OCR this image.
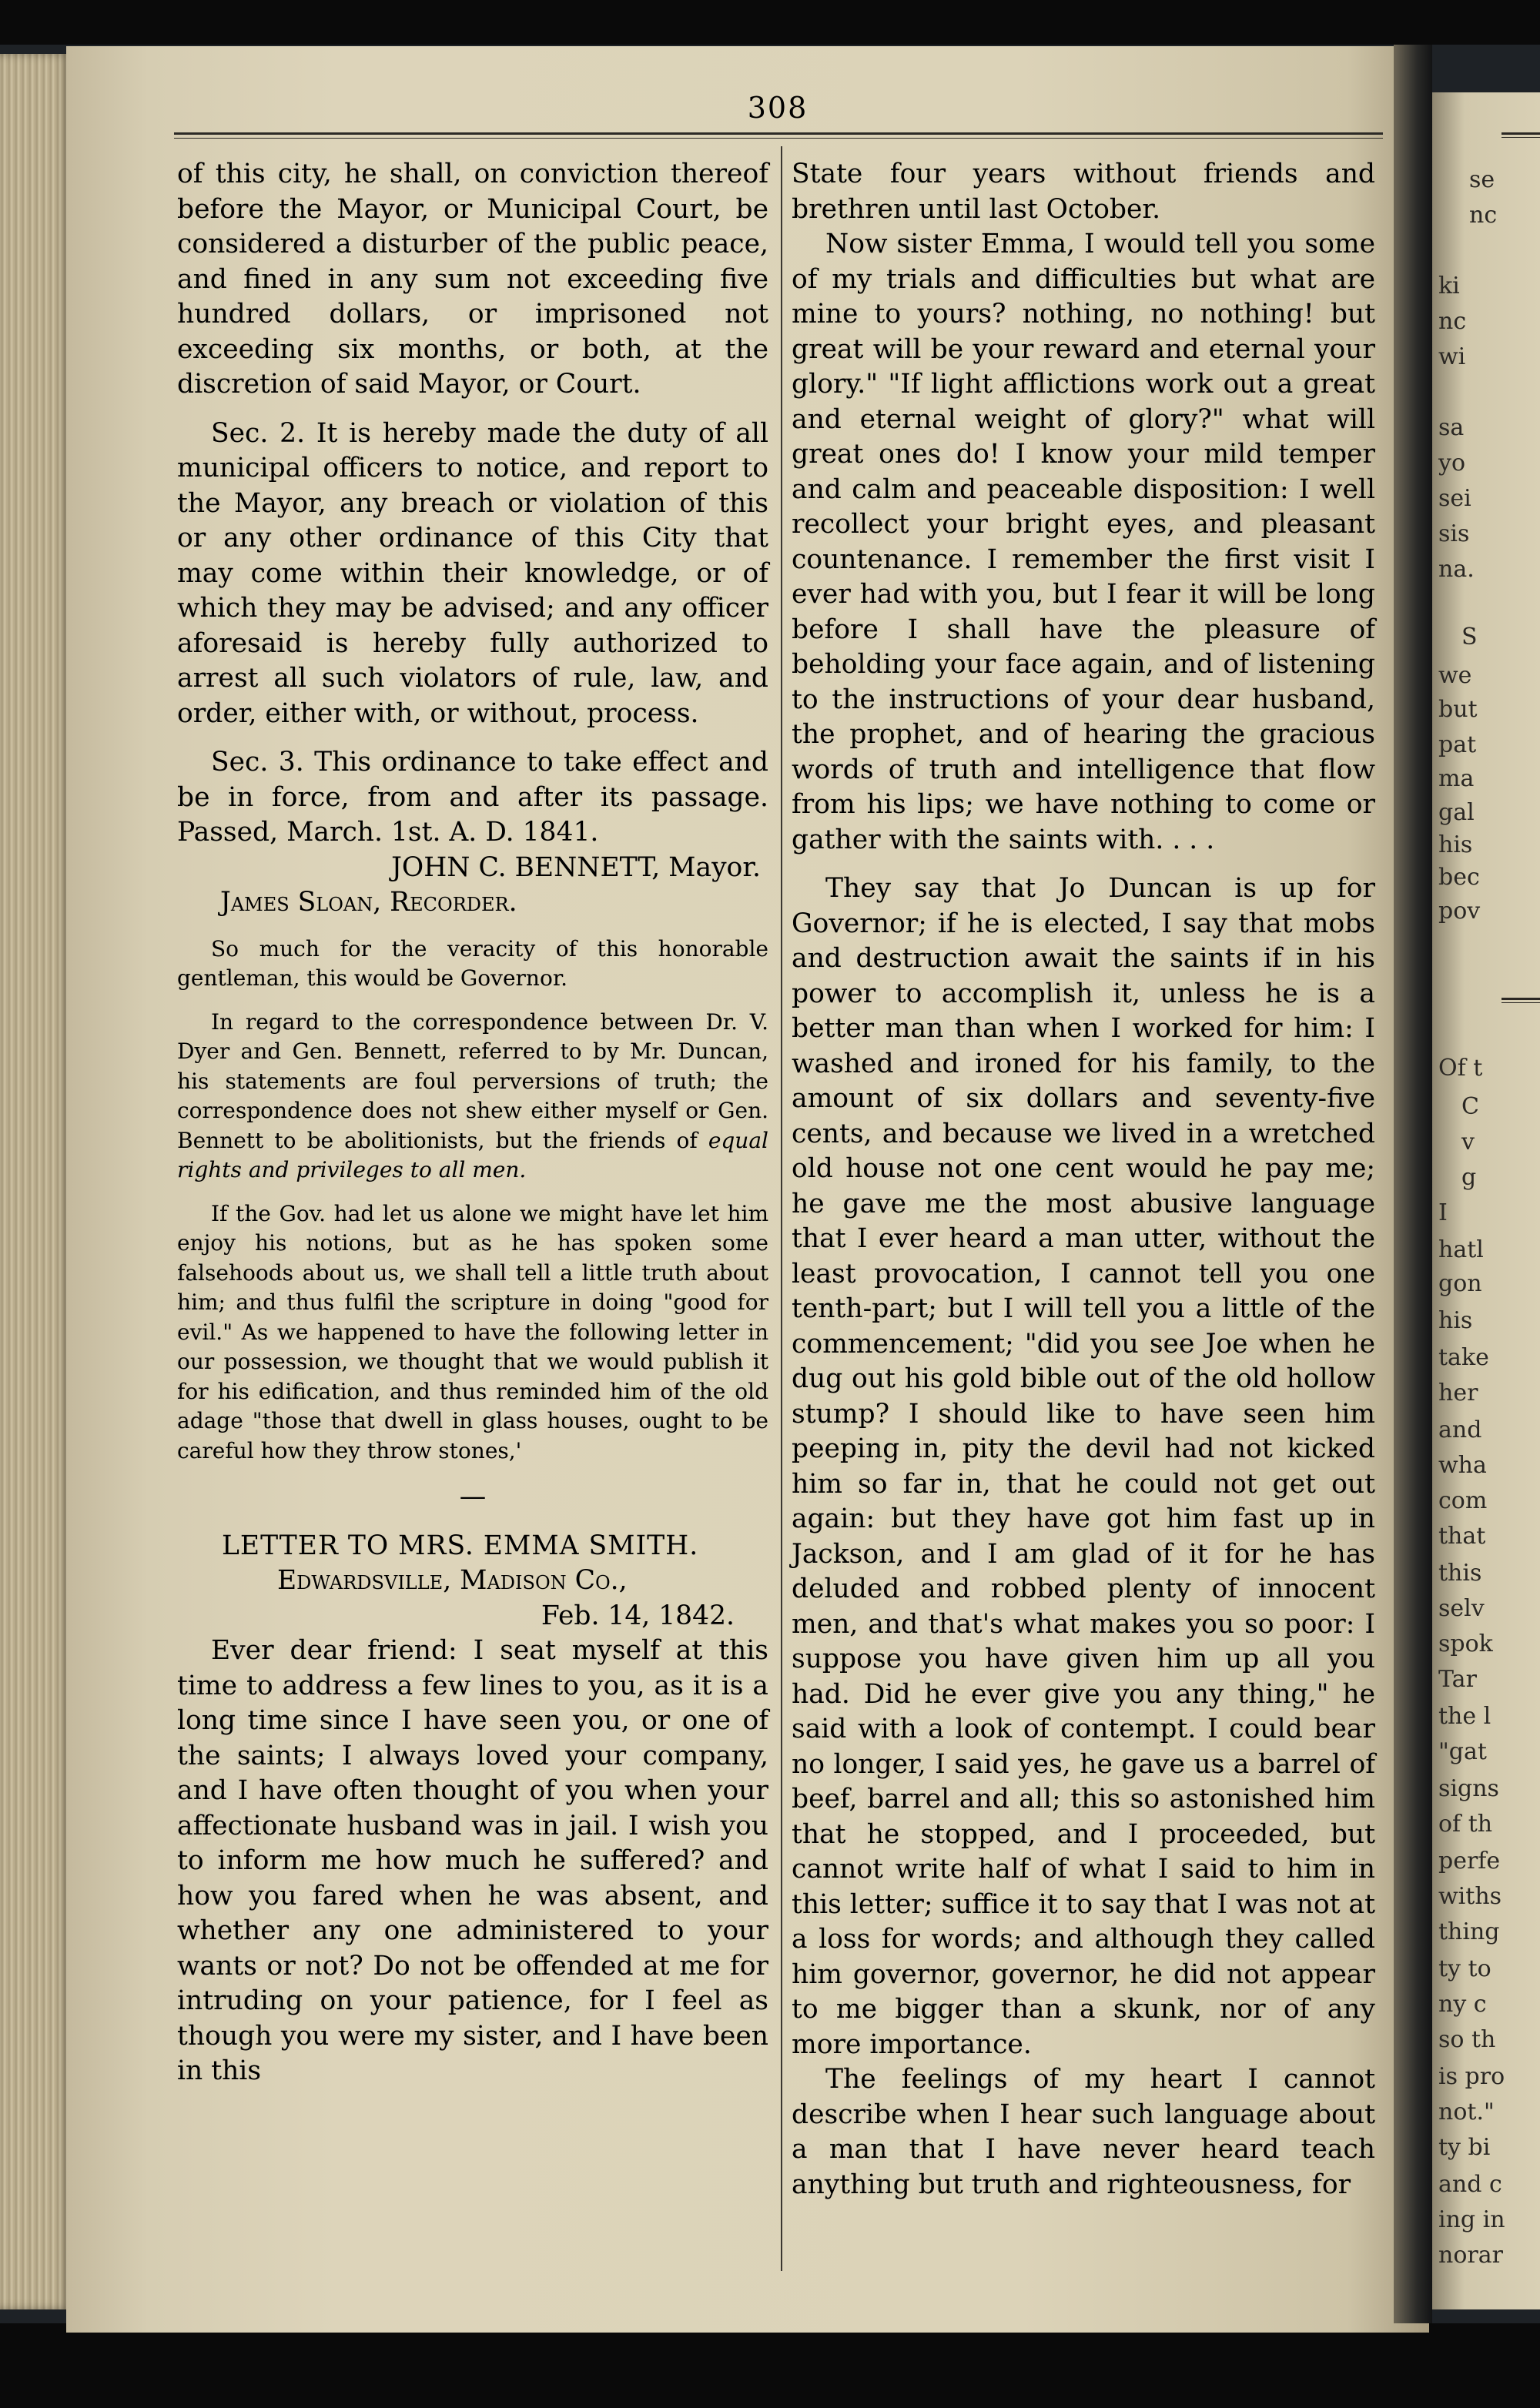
308

of this city, he shall, on conviction thereof before the Mayor, or Municipal Court, be considered a disturber of the public peace, and fined in any sum not exceeding five hundred dollars, or imprisoned not exceeding six months, or both, at the discretion of said Mayor, or Court.

Sec. 2. It is hereby made the duty of all municipal officers to notice, and report to the Mayor, any breach or violation of this or any other ordinance of this City that may come within their knowledge, or of which they may be advised; and any officer aforesaid is hereby fully authorized to arrest all such violators of rule, law, and order, either with, or without, process.

Sec. 3. This ordinance to take effect and be in force, from and after its passage. Passed, March. 1st. A. D. 1841.

JOHN C. BENNETT, Mayor.

James Sloan, Recorder.

So much for the veracity of this honorable gentleman, this would be Governor.

In regard to the correspondence between Dr. V. Dyer and Gen. Bennett, referred to by Mr. Duncan, his statements are foul perversions of truth; the correspondence does not shew either myself or Gen. Bennett to be abolitionists, but the friends of equal rights and privileges to all men.

If the Gov. had let us alone we might have let him enjoy his notions, but as he has spoken some falsehoods about us, we shall tell a little truth about him; and thus fulfil the scripture in doing "good for evil." As we happened to have the following letter in our possession, we thought that we would publish it for his edification, and thus reminded him of the old adage "those that dwell in glass houses, ought to be careful how they throw stones,'

—

LETTER TO MRS. EMMA SMITH.

Edwardsville, Madison Co.,

Feb. 14, 1842.

Ever dear friend: I seat myself at this time to address a few lines to you, as it is a long time since I have seen you, or one of the saints; I always loved your company, and I have often thought of you when your affectionate husband was in jail. I wish you to inform me how much he suffered? and how you fared when he was absent, and whether any one administered to your wants or not? Do not be offended at me for intruding on your patience, for I feel as though you were my sister, and I have been in this

State four years without friends and brethren until last October.

Now sister Emma, I would tell you some of my trials and difficulties but what are mine to yours? nothing, no nothing! but great will be your reward and eternal your glory." "If light afflictions work out a great and eternal weight of glory?" what will great ones do! I know your mild temper and calm and peaceable disposition: I well recollect your bright eyes, and pleasant countenance. I remember the first visit I ever had with you, but I fear it will be long before I shall have the pleasure of beholding your face again, and of listening to the instructions of your dear husband, the prophet, and of hearing the gracious words of truth and intelligence that flow from his lips; we have nothing to come or gather with the saints with. . . .

They say that Jo Duncan is up for Governor; if he is elected, I say that mobs and destruction await the saints if in his power to accomplish it, unless he is a better man than when I worked for him: I washed and ironed for his family, to the amount of six dollars and seventy-five cents, and because we lived in a wretched old house not one cent would he pay me; he gave me the most abusive language that I ever heard a man utter, without the least provocation, I cannot tell you one tenth-part; but I will tell you a little of the commencement; "did you see Joe when he dug out his gold bible out of the old hollow stump? I should like to have seen him peeping in, pity the devil had not kicked him so far in, that he could not get out again: but they have got him fast up in Jackson, and I am glad of it for he has deluded and robbed plenty of innocent men, and that's what makes you so poor: I suppose you have given him up all you had. Did he ever give you any thing," he said with a look of contempt. I could bear no longer, I said yes, he gave us a barrel of beef, barrel and all; this so astonished him that he stopped, and I proceeded, but cannot write half of what I said to him in this letter; suffice it to say that I was not at a loss for words; and although they called him governor, governor, he did not appear to me bigger than a skunk, nor of any more importance.

The feelings of my heart I cannot describe when I hear such language about a man that I have never heard teach anything but truth and righteousness, for

se
nc
ki
nc
wi
sa
yo
sei
sis
na.
S
we
but
pat
ma
gal
his
bec
pov
Of t
C
v
g
I
hatl
gon
his
take
her
and
wha
com
that
this
selv
spok
Tar
the l
"gat
signs
of th
perfe
withs
thing
ty to
ny c
so th
is pro
not."
ty bi
and c
ing in
norar
